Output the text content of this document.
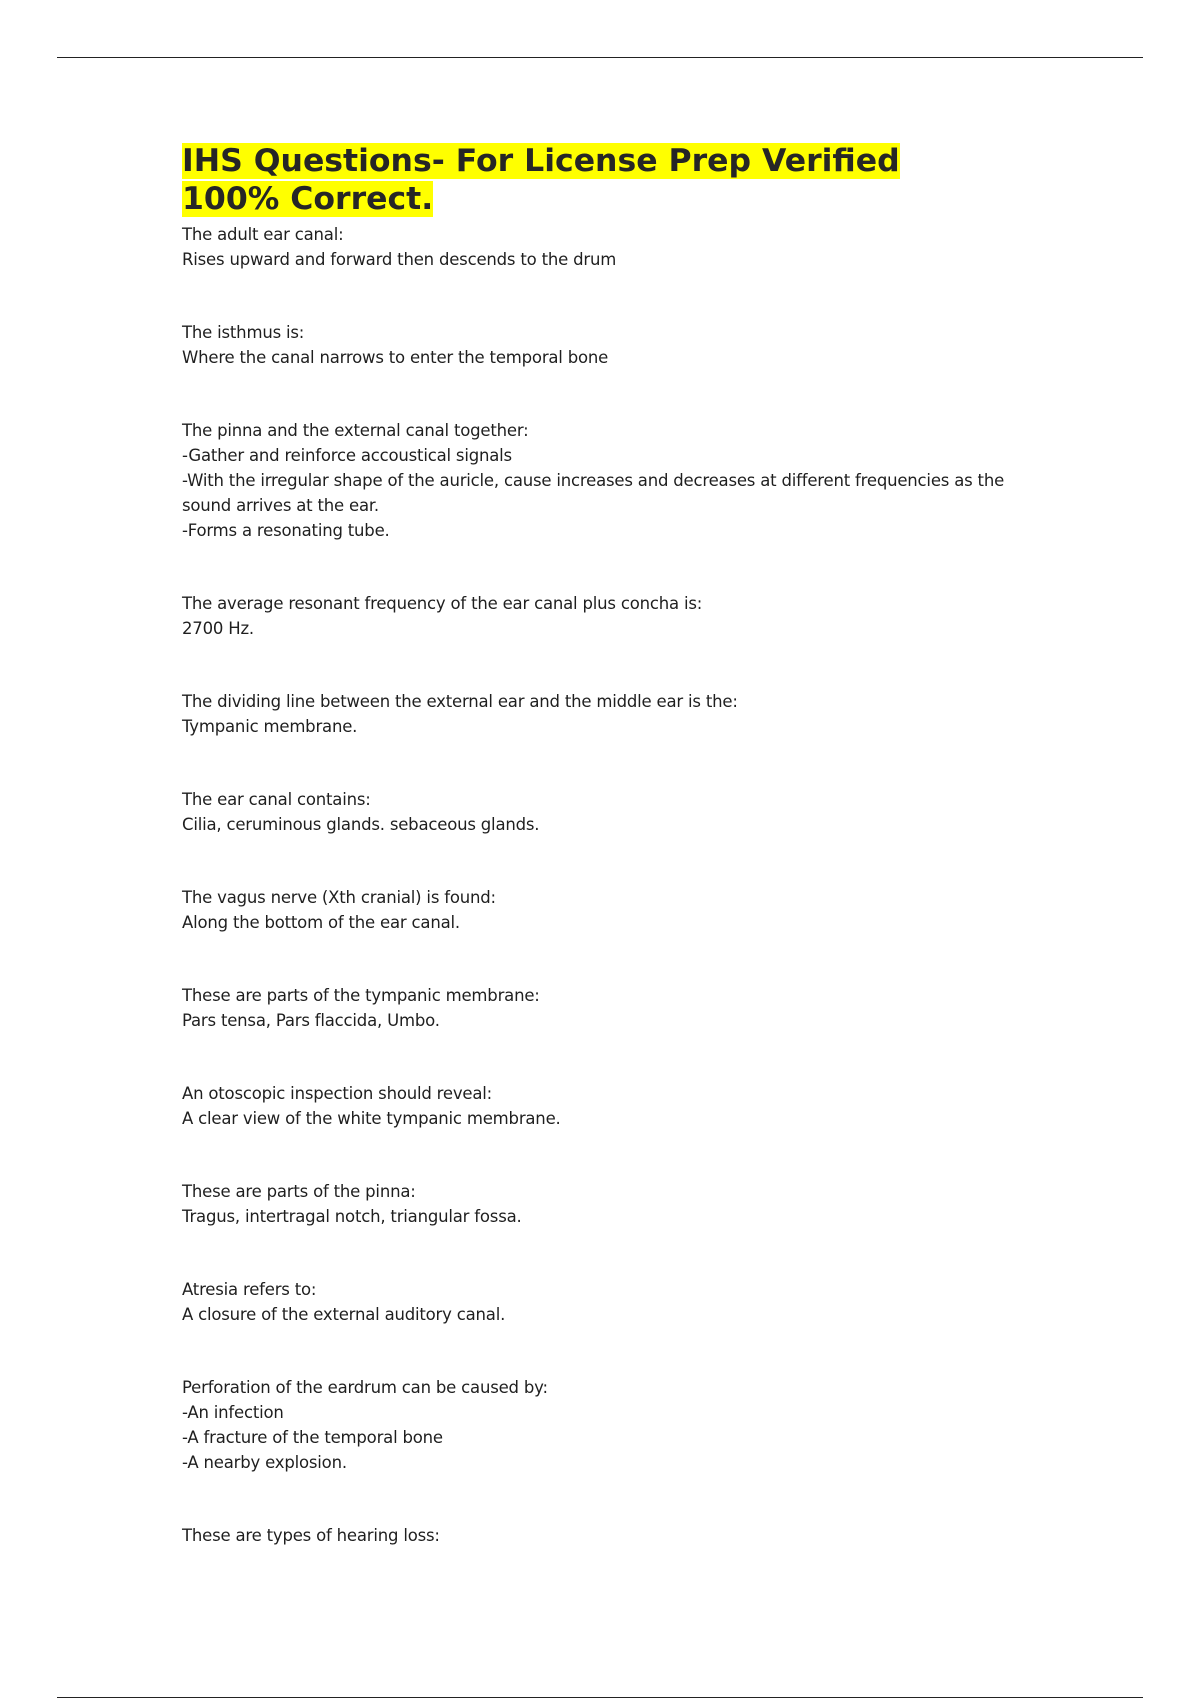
IHS Questions- For License Prep Verified
100% Correct.
The adult ear canal:
Rises upward and forward then descends to the drum
The isthmus is:
Where the canal narrows to enter the temporal bone
The pinna and the external canal together:
-Gather and reinforce accoustical signals
-With the irregular shape of the auricle, cause increases and decreases at different frequencies as the sound arrives at the ear.
-Forms a resonating tube.
The average resonant frequency of the ear canal plus concha is:
2700 Hz.
The dividing line between the external ear and the middle ear is the:
Tympanic membrane.
The ear canal contains:
Cilia, ceruminous glands. sebaceous glands.
The vagus nerve (Xth cranial) is found:
Along the bottom of the ear canal.
These are parts of the tympanic membrane:
Pars tensa, Pars flaccida, Umbo.
An otoscopic inspection should reveal:
A clear view of the white tympanic membrane.
These are parts of the pinna:
Tragus, intertragal notch, triangular fossa.
Atresia refers to:
A closure of the external auditory canal.
Perforation of the eardrum can be caused by:
-An infection
-A fracture of the temporal bone
-A nearby explosion.
These are types of hearing loss:
